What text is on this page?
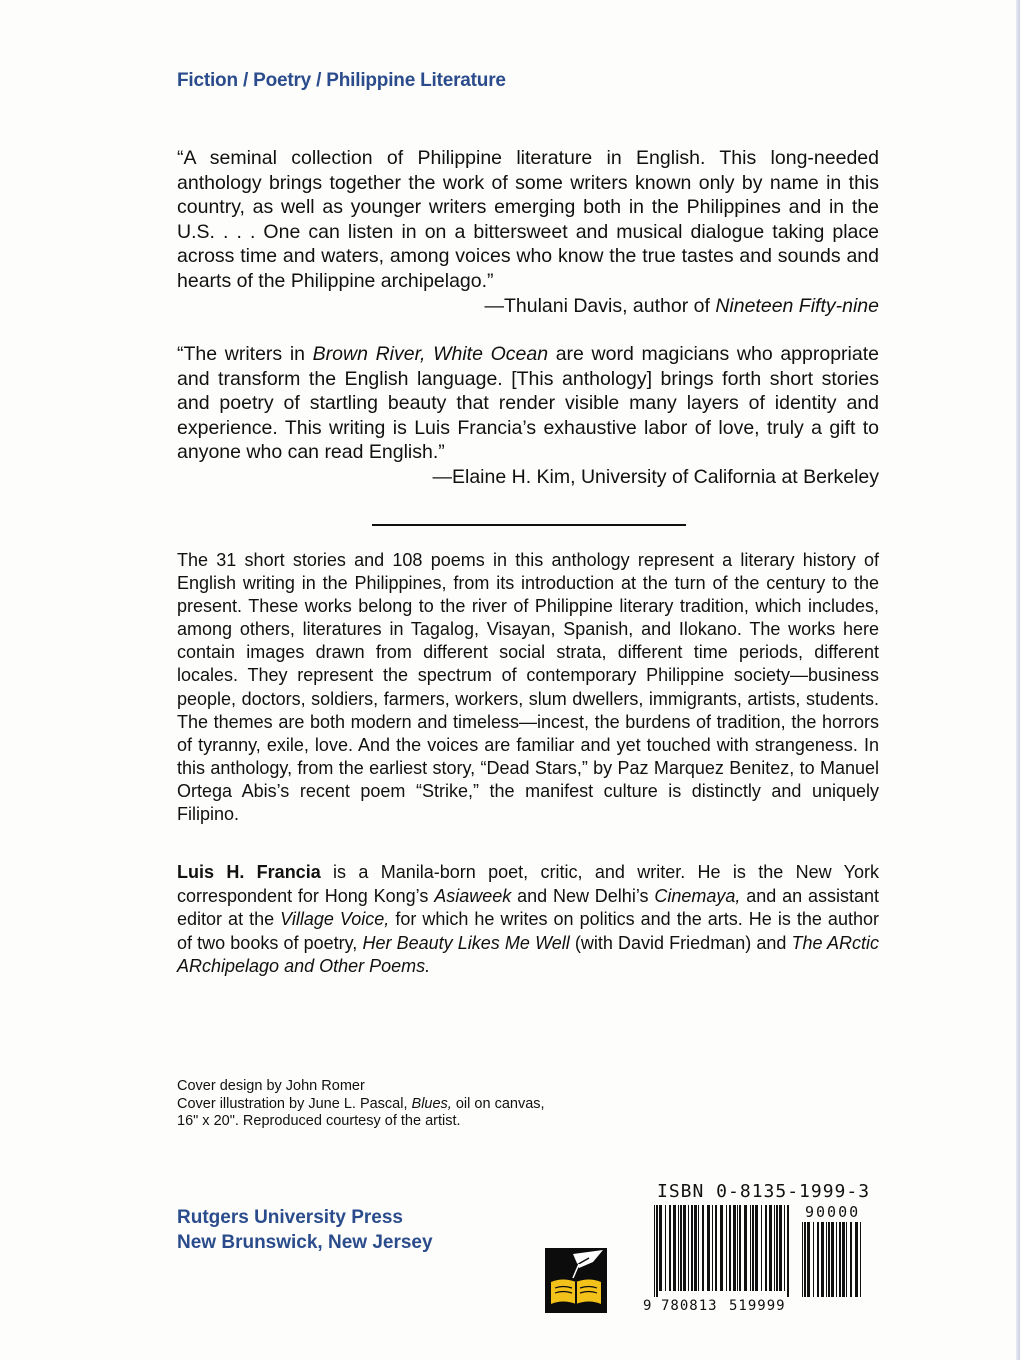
Fiction / Poetry / Philippine Literature

“A seminal collection of Philippine literature in English. This long-needed anthology brings together the work of some writers known only by name in this country, as well as younger writers emerging both in the Philippines and in the U.S. . . . One can listen in on a bittersweet and musical dialogue taking place across time and waters, among voices who know the true tastes and sounds and hearts of the Philippine archipelago.”

—Thulani Davis, author of Nineteen Fifty-nine

“The writers in Brown River, White Ocean are word magicians who appropriate and transform the English language. [This anthology] brings forth short stories and poetry of startling beauty that render visible many layers of identity and experience. This writing is Luis Francia’s exhaustive labor of love, truly a gift to anyone who can read English.”

—Elaine H. Kim, University of California at Berkeley

The 31 short stories and 108 poems in this anthology represent a literary history of English writing in the Philippines, from its introduction at the turn of the century to the present. These works belong to the river of Philippine literary tradition, which includes, among others, literatures in Tagalog, Visayan, Spanish, and Ilokano. The works here contain images drawn from different social strata, different time periods, different locales. They represent the spectrum of contemporary Philippine society—business people, doctors, soldiers, farmers, workers, slum dwellers, immigrants, artists, students. The themes are both modern and timeless—incest, the burdens of tradition, the horrors of tyranny, exile, love. And the voices are familiar and yet touched with strangeness. In this anthology, from the earliest story, “Dead Stars,” by Paz Marquez Benitez, to Manuel Ortega Abis’s recent poem “Strike,” the manifest culture is distinctly and uniquely Filipino.

Luis H. Francia is a Manila-born poet, critic, and writer. He is the New York correspondent for Hong Kong’s Asiaweek and New Delhi’s Cinemaya, and an assistant editor at the Village Voice, for which he writes on politics and the arts. He is the author of two books of poetry, Her Beauty Likes Me Well (with David Friedman) and The ARctic ARchipelago and Other Poems.

Cover design by John Romer
Cover illustration by June L. Pascal, Blues, oil on canvas,
16" x 20". Reproduced courtesy of the artist.
Rutgers University Press
New Brunswick, New Jersey
ISBN 0-8135-1999-3
90000
9 780813 519999
